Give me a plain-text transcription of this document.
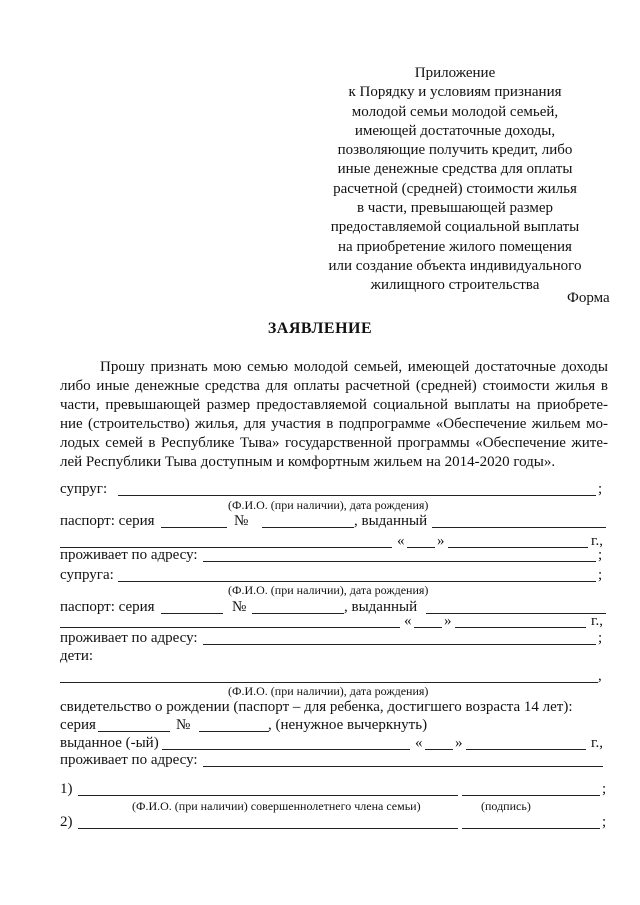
Приложение
к Порядку и условиям признания
молодой семьи молодой семьей,
имеющей достаточные доходы,
позволяющие получить кредит, либо
иные денежные средства для оплаты
расчетной (средней) стоимости жилья
в части, превышающей размер
предоставляемой социальной выплаты
на приобретение жилого помещения
или создание объекта индивидуального
жилищного строительства
Форма
ЗАЯВЛЕНИЕ
Прошу признать мою семью молодой семьей, имеющей достаточные доходы
либо иные денежные средства для оплаты расчетной (средней) стоимости жилья в
части, превышающей размер предоставляемой социальной выплаты на приобрете-
ние (строительство) жилья, для участия в подпрограмме «Обеспечение жильем мо-
лодых семей в Республике Тыва» государственной программы «Обеспечение жите-
лей Республики Тыва доступным и комфортным жильем на 2014-2020 годы».
супруг:	;
(Ф.И.О. (при наличии), дата рождения)
паспорт: серия	№	, выданный
« »	г.,
проживает по адресу:	;
супруга:	;
(Ф.И.О. (при наличии), дата рождения)
паспорт: серия	№	, выданный
« »	г.,
проживает по адресу:	;
дети:
,
(Ф.И.О. (при наличии), дата рождения)
свидетельство о рождении (паспорт – для ребенка, достигшего возраста 14 лет):
серия	№	, (ненужное вычеркнуть)
выданное (-ый)	« »	г.,
проживает по адресу:
1)	;
(Ф.И.О. (при наличии) совершеннолетнего члена семьи)	(подпись)
2)	;
